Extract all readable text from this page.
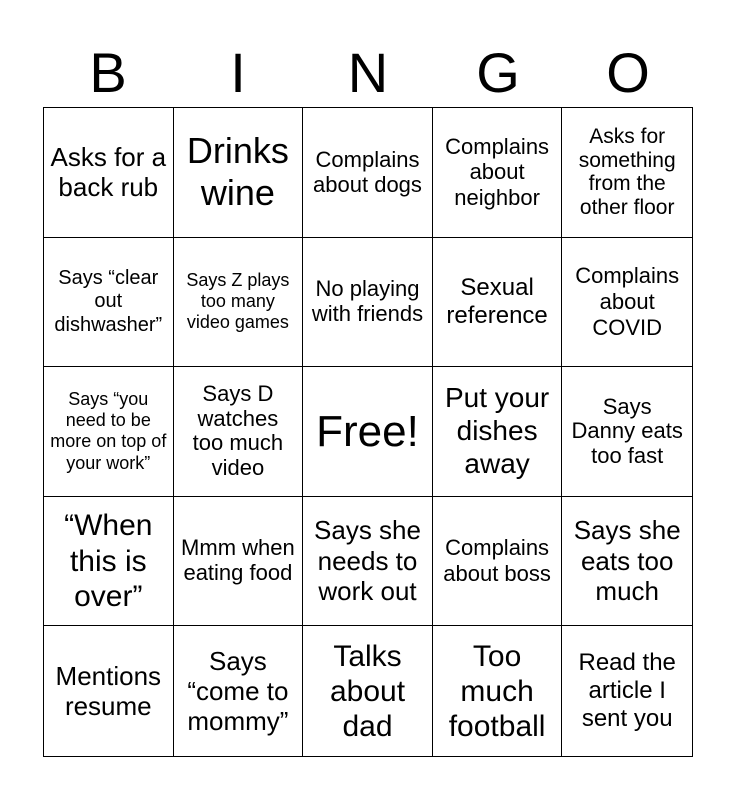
B	I	N	G	O
Asks for a back rub
Drinks wine
Complains about dogs
Complains about neighbor
Asks for something from the other floor
Says “clear out dishwasher”
Says Z plays too many video games
No playing with friends
Sexual reference
Complains about COVID
Says “you need to be more on top of your work”
Says D watches too much video
Free!
Put your dishes away
Says Danny eats too fast
“When this is over”
Mmm when eating food
Says she needs to work out
Complains about boss
Says she eats too much
Mentions resume
Says “come to mommy”
Talks about dad
Too much football
Read the article I sent you
